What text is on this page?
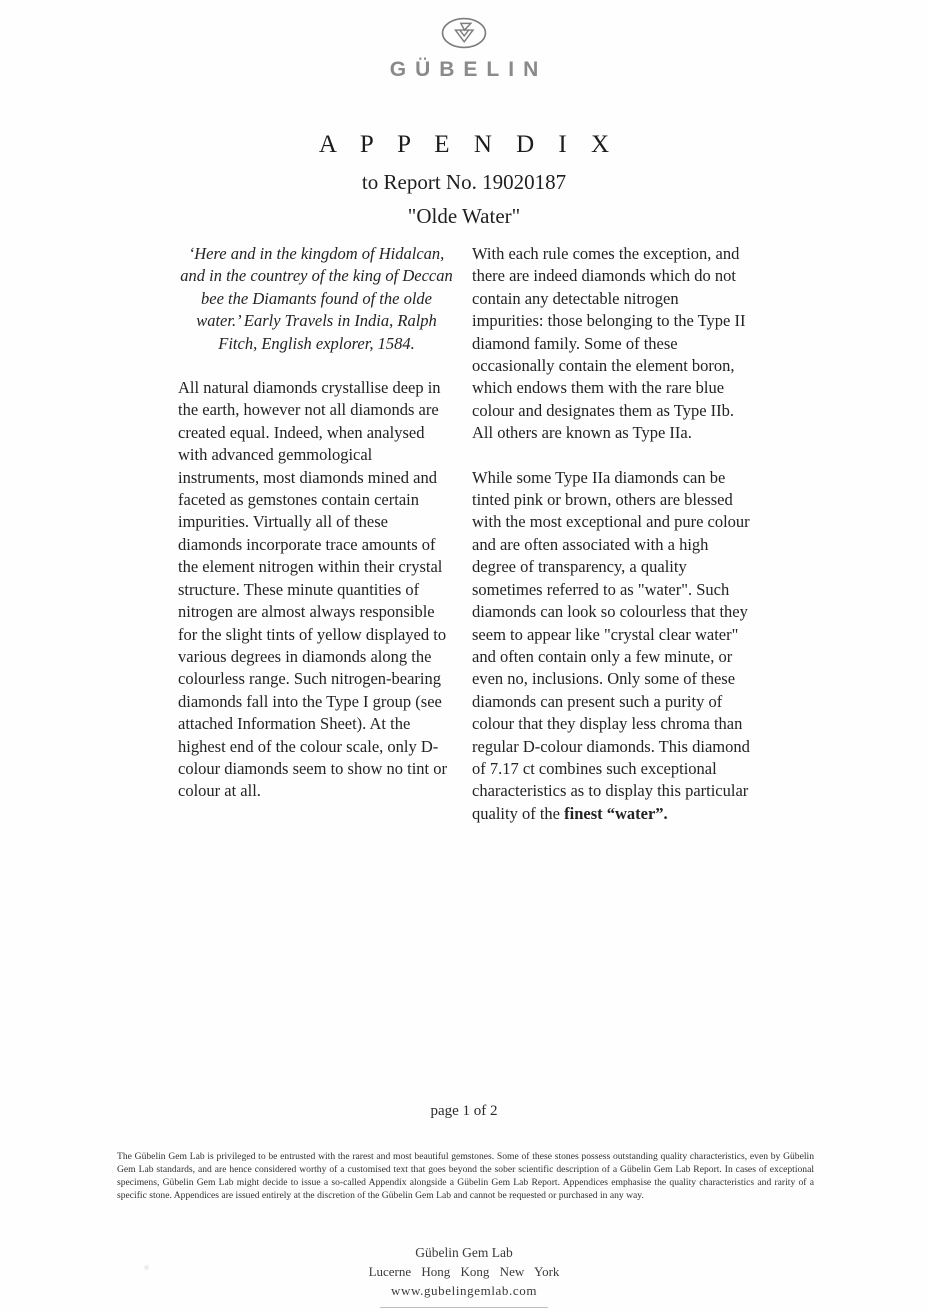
GÜBELIN
A P P E N D I X
to Report No. 19020187
"Olde Water"

‘Here and in the kingdom of Hidalcan, and in the countrey of the king of Deccan bee the Diamants found of the olde water.’ Early Travels in India, Ralph Fitch, English explorer, 1584.

All natural diamonds crystallise deep in the earth, however not all diamonds are created equal. Indeed, when analysed with advanced gemmological instruments, most diamonds mined and faceted as gemstones contain certain impurities. Virtually all of these diamonds incorporate trace amounts of the element nitrogen within their crystal structure. These minute quantities of nitrogen are almost always responsible for the slight tints of yellow displayed to various degrees in diamonds along the colourless range. Such nitrogen-bearing diamonds fall into the Type I group (see attached Information Sheet). At the highest end of the colour scale, only D-colour diamonds seem to show no tint or colour at all.

With each rule comes the exception, and there are indeed diamonds which do not contain any detectable nitrogen impurities: those belonging to the Type II diamond family. Some of these occasionally contain the element boron, which endows them with the rare blue colour and designates them as Type IIb. All others are known as Type IIa.

While some Type IIa diamonds can be tinted pink or brown, others are blessed with the most exceptional and pure colour and are often associated with a high degree of transparency, a quality sometimes referred to as "water". Such diamonds can look so colourless that they seem to appear like "crystal clear water" and often contain only a few minute, or even no, inclusions. Only some of these diamonds can present such a purity of colour that they display less chroma than regular D-colour diamonds. This diamond of 7.17 ct combines such exceptional characteristics as to display this particular quality of the finest “water”.

page 1 of 2
The Gübelin Gem Lab is privileged to be entrusted with the rarest and most beautiful gemstones. Some of these stones possess outstanding quality characteristics, even by Gübelin Gem Lab standards, and are hence considered worthy of a customised text that goes beyond the sober scientific description of a Gübelin Gem Lab Report. In cases of exceptional specimens, Gübelin Gem Lab might decide to issue a so-called Appendix alongside a Gübelin Gem Lab Report. Appendices emphasise the quality characteristics and rarity of a specific stone. Appendices are issued entirely at the discretion of the Gübelin Gem Lab and cannot be requested or purchased in any way.
Gübelin Gem Lab
Lucerne Hong Kong New York
www.gubelingemlab.com
